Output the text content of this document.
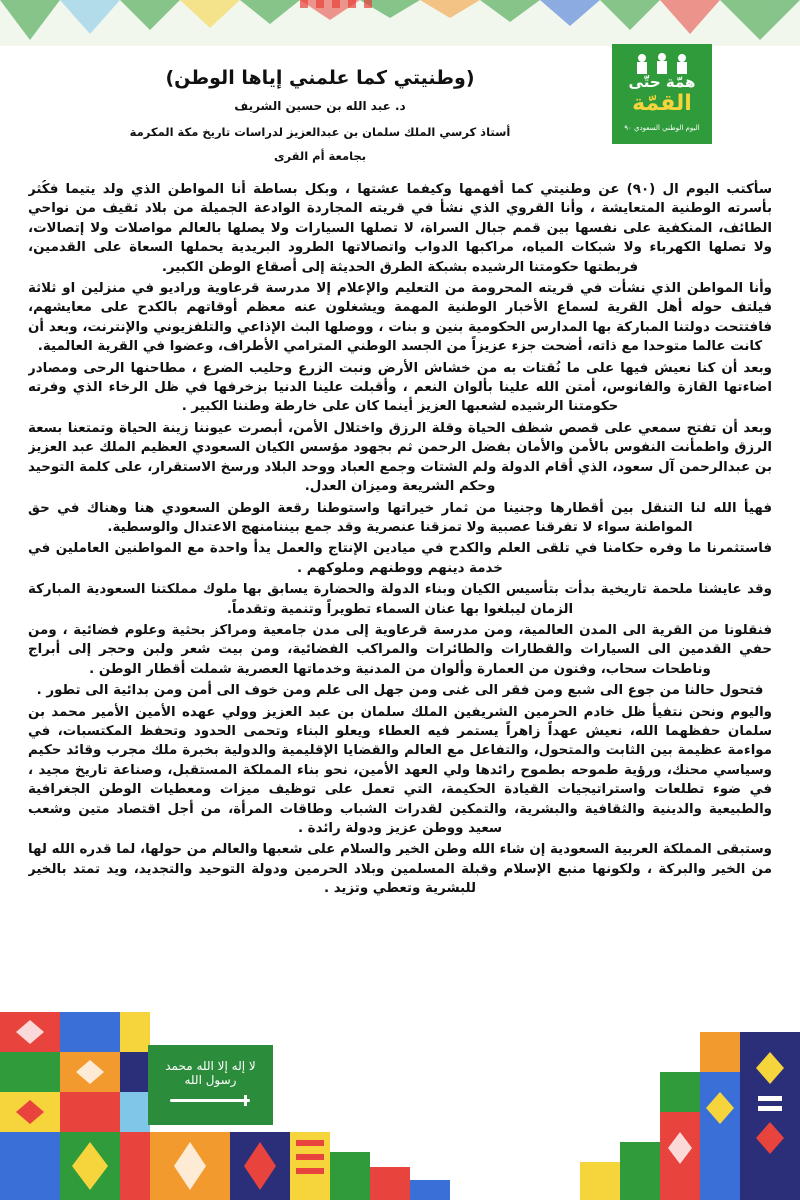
همّة حتّى
القمّة
اليوم الوطني السعودي ٩٠
(وطنيتي كما علمني إياها الوطن)
د. عبد الله بن حسين الشريف
أستاذ كرسي الملك سلمان بن عبدالعزيز لدراسات تاريخ مكة المكرمة
بجامعة أم القرى

سأكتب اليوم ال (٩٠) عن وطنيتي كما أفهمها وكيفما عشتها ، وبكل بساطة أنا المواطن الذي ولد يتيما فكُثر بأسرته الوطنية المتعايشة ، وأنا القروي الذي نشأ في قريته المجاردة الوادعة الجميلة من بلاد ثقيف من نواحي الطائف، المنكفية على نفسها بين قمم جبال السراة، لا تصلها السيارات ولا يصلها بالعالم مواصلات ولا إتصالات، ولا تصلها الكهرباء ولا شبكات المياه، مراكبها الدواب واتصالاتها الطرود البريدية يحملها السعاة على القدمين، فربطتها حكومتنا الرشيده بشبكة الطرق الحديثة إلى أصقاع الوطن الكبير.

وأنا المواطن الذي نشأت في قريته المحرومة من التعليم والإعلام إلا مدرسة قرعاوية وراديو في منزلين او ثلاثة فيلتف حوله أهل القرية لسماع الأخبار الوطنية المهمة ويشغلون عنه معظم أوقاتهم بالكدح على معايشهم، فافتتحت دولتنا المباركة بها المدارس الحكومية بنين و بنات ، ووصلها البث الإذاعي والتلفزيوني والإنترنت، وبعد أن كانت عالما متوحدا مع ذاته، أضحت جزء عزيزاً من الجسد الوطني المترامي الأطراف، وعضوا في القرية العالمية.

وبعد أن كنا نعيش فيها على ما نُقتات به من خشاش الأرض ونبت الزرع وحليب الضرع ، مطاحنها الرحى ومصادر اضاءتها القازة والفانوس، أمتن الله علينا بألوان النعم ، وأقبلت علينا الدنيا بزخرفها في ظل الرخاء الذي وفرته حكومتنا الرشيده لشعبها العزيز أينما كان على خارطة وطننا الكبير .

وبعد أن تفتح سمعي على قصص شظف الحياة وقلة الرزق واختلال الأمن، أبصرت عيوننا زينة الحياة وتمتعنا بسعة الرزق واطمأنت النفوس بالأمن والأمان بفضل الرحمن ثم بجهود مؤسس الكيان السعودي العظيم الملك عبد العزيز بن عبدالرحمن آل سعود، الذي أقام الدولة ولم الشتات وجمع العباد ووحد البلاد ورسخ الاستقرار، على كلمة التوحيد وحكم الشريعة وميزان العدل.

فهيأ الله لنا التنقل بين أقطارها وجنينا من ثمار خيراتها واستوطنا رقعة الوطن السعودي هنا وهناك في حق المواطنة سواء لا تفرقنا عصبية ولا تمزقنا عنصرية وقد جمع بيننامنهج الاعتدال والوسطية.

فاستثمرنا ما وفره حكامنا في تلقى العلم والكدح في ميادين الإنتاج والعمل يدأ واحدة مع المواطنين العاملين في خدمة دينهم ووطنهم وملوكهم .

وقد عايشنا ملحمة تاريخية بدأت بتأسيس الكيان وبناء الدولة والحضارة يسابق بها ملوك مملكتنا السعودية المباركة الزمان ليبلغوا بها عنان السماء تطويراً وتنمية وتقدماً.

فنقلونا من القرية الى المدن العالمية، ومن مدرسة قرعاوية إلى مدن جامعية ومراكز بحثية وعلوم فضائية ، ومن حفي القدمين الى السيارات والقطارات والطائرات والمراكب الفضائية، ومن بيت شعر ولبن وحجر إلى أبراج وناطحات سحاب، وفنون من العمارة وألوان من المدنية وخدماتها العصرية شملت أقطار الوطن .

فتحول حالنا من جوع الى شبع ومن فقر الى غنى ومن جهل الى علم ومن خوف الى أمن ومن بدائية الى تطور .

واليوم ونحن نتفيأ ظل خادم الحرمين الشريفين الملك سلمان بن عبد العزيز وولي عهده الأمين الأمير محمد بن سلمان حفظهما الله، نعيش عهداً زاهراً يستمر فيه العطاء ويعلو البناء وتحمى الحدود وتحفظ المكتسبات، في مواءمة عظيمة بين الثابت والمتحول، والتفاعل مع العالم والقضايا الإقليمية والدولية بخبرة ملك مجرب وقائد حكيم وسياسي محنك، ورؤية طموحه بطموح رائدها ولي العهد الأمين، نحو بناء المملكة المستقبل، وصناعة تاريخ مجيد ، في ضوء تطلعات واستراتيجيات القيادة الحكيمة، التي تعمل على توظيف ميزات ومعطيات الوطن الجغرافية والطبيعية والدينية والثقافية والبشرية، والتمكين لقدرات الشباب وطاقات المرأة، من أجل اقتصاد متين وشعب سعيد ووطن عزيز ودولة رائدة .

وستبقى المملكة العربية السعودية إن شاء الله وطن الخير والسلام على شعبها والعالم من حولها، لما قدره الله لها من الخير والبركة ، ولكونها منبع الإسلام وقبلة المسلمين وبلاد الحرمين ودولة التوحيد والتجديد، ويد تمتد بالخير للبشرية وتعطي وتزيد .

لا إله إلا الله محمد رسول الله
